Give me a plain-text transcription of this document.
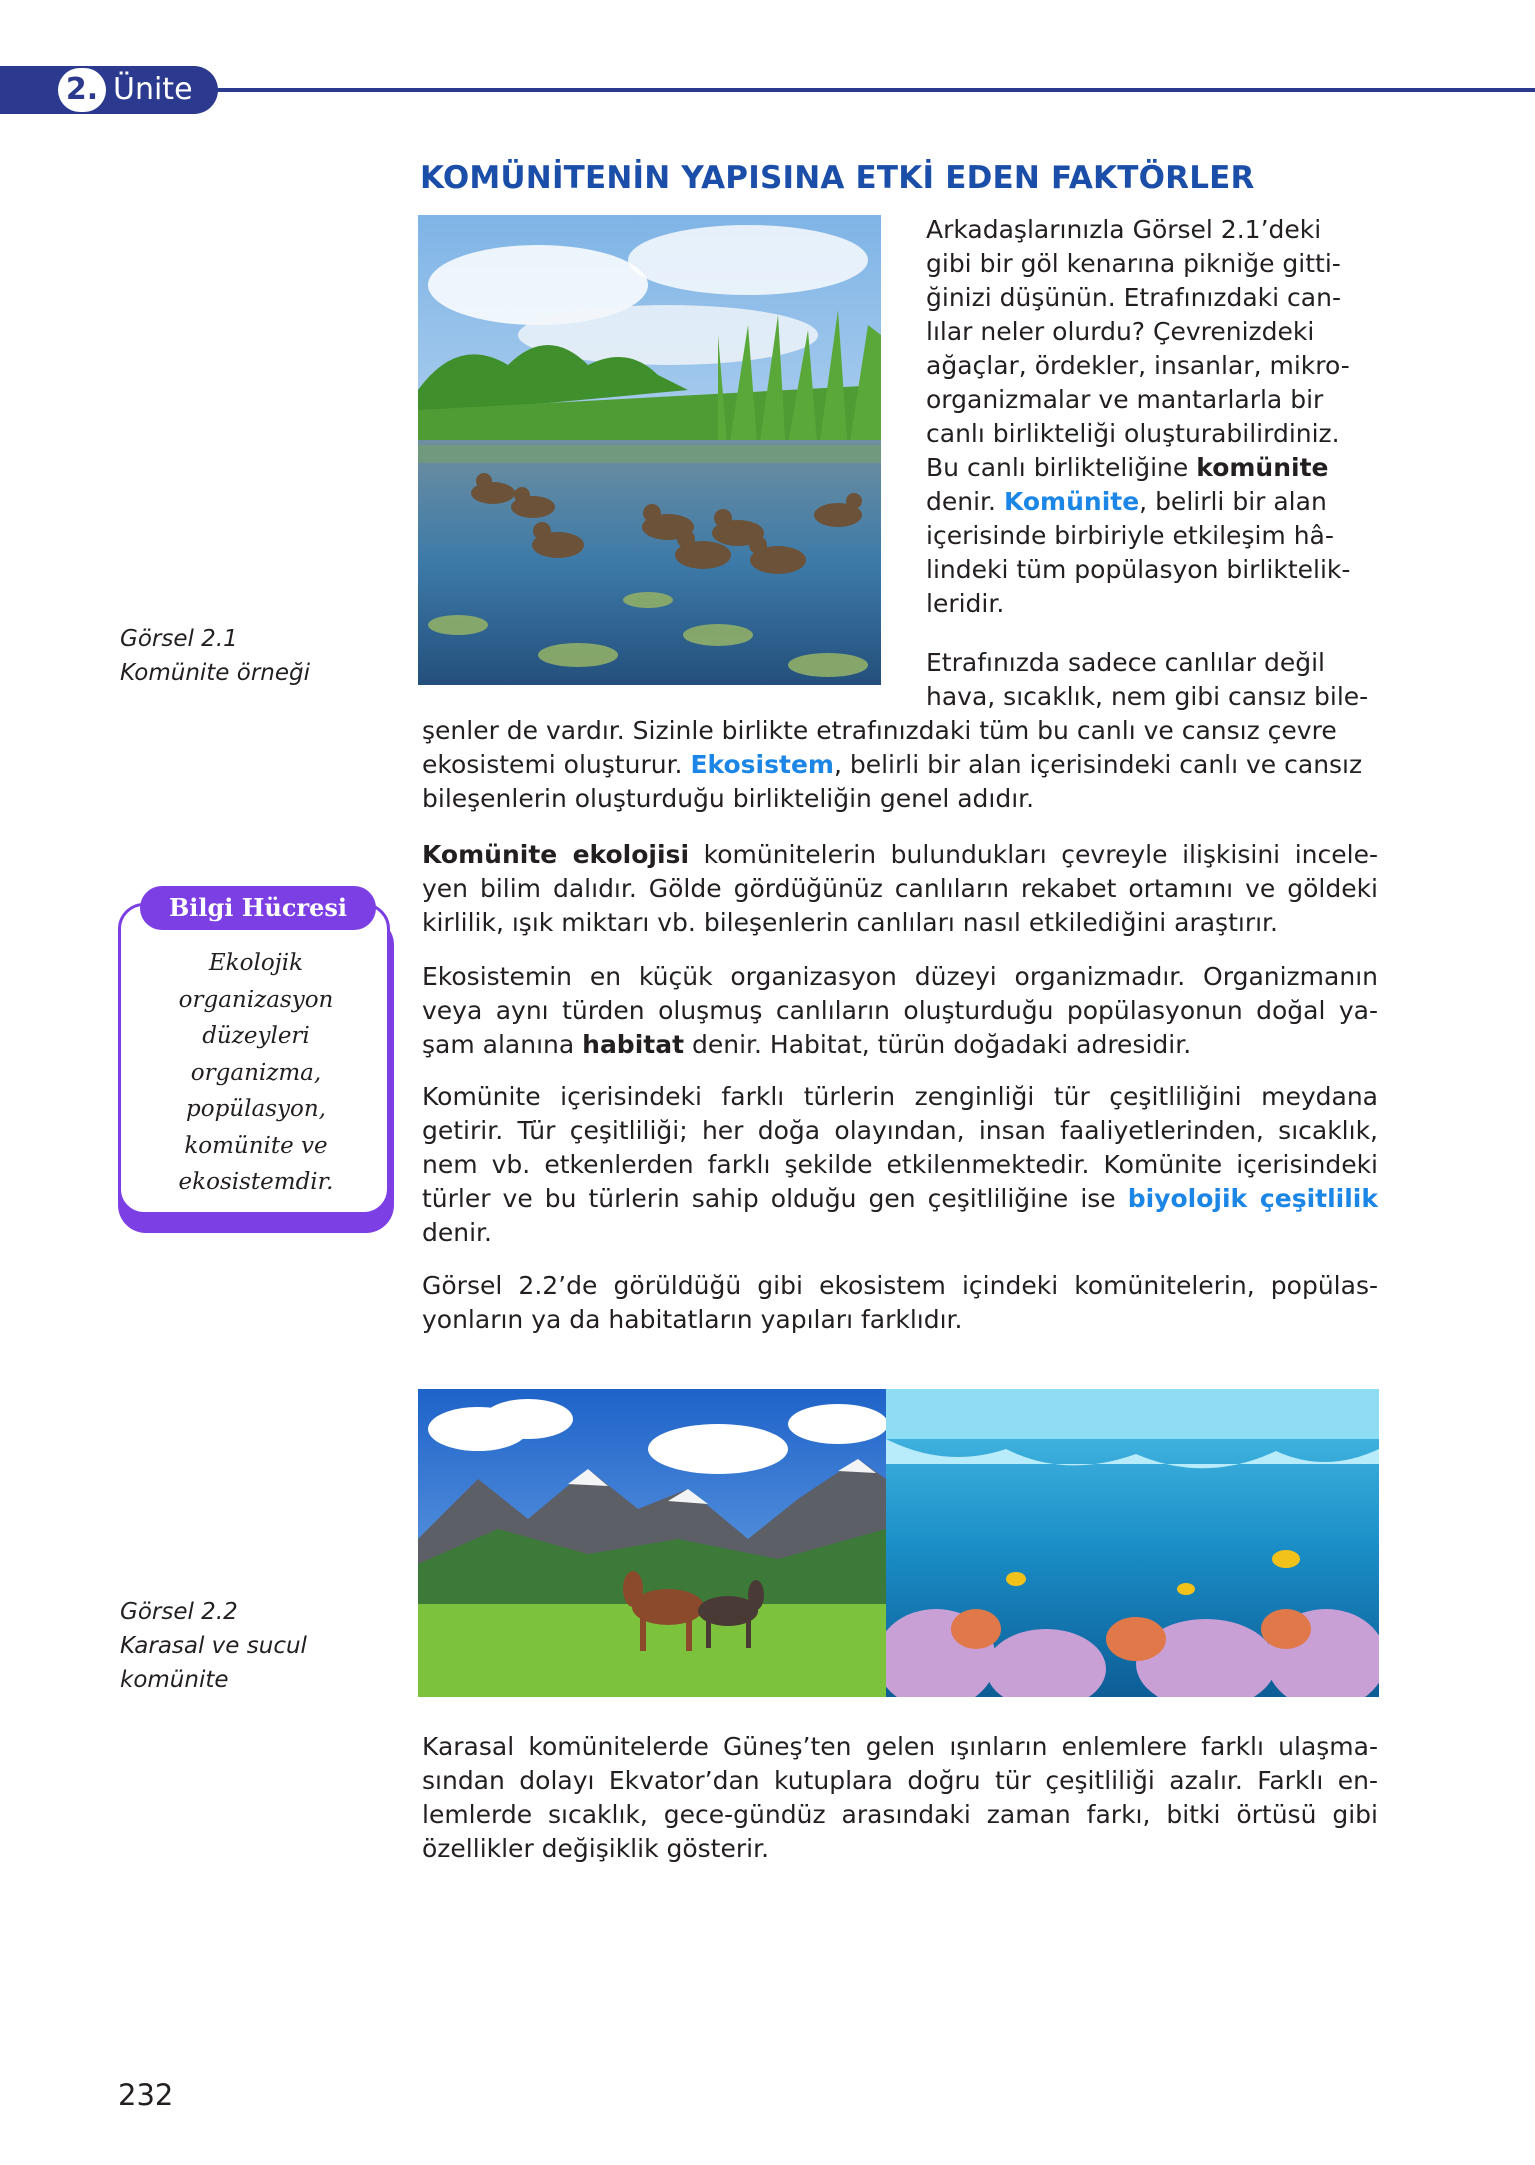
2. Ünite
KOMÜNİTENİN YAPISINA ETKİ EDEN FAKTÖRLER
Arkadaşlarınızla Görsel 2.1’deki
gibi bir göl kenarına pikniğe gitti-
ğinizi düşünün. Etrafınızdaki can-
lılar neler olurdu? Çevrenizdeki
ağaçlar, ördekler, insanlar, mikro-
organizmalar ve mantarlarla bir
canlı birlikteliği oluşturabilirdiniz.
Bu canlı birlikteliğine komünite
denir. Komünite, belirli bir alan
içerisinde birbiriyle etkileşim hâ-
lindeki tüm popülasyon birliktelik-
leridir.
Görsel 2.1
Komünite örneği	Etrafınızda sadece canlılar değil
hava, sıcaklık, nem gibi cansız bile-
şenler de vardır. Sizinle birlikte etrafınızdaki tüm bu canlı ve cansız çevre
ekosistemi oluşturur. Ekosistem, belirli bir alan içerisindeki canlı ve cansız
bileşenlerin oluşturduğu birlikteliğin genel adıdır.
Komünite ekolojisi komünitelerin bulundukları çevreyle ilişkisini incele-yen bilim dalıdır. Gölde gördüğünüz canlıların rekabet ortamını ve göldeki kirlilik, ışık miktarı vb. bileşenlerin canlıları nasıl etkilediğini araştırır.
Bilgi Hücresi
Ekolojik
organizasyon
düzeyleri
organizma,
popülasyon,
komünite ve
ekosistemdir.
Ekosistemin en küçük organizasyon düzeyi organizmadır. Organizmanın veya aynı türden oluşmuş canlıların oluşturduğu popülasyonun doğal ya-şam alanına habitat denir. Habitat, türün doğadaki adresidir.
Komünite içerisindeki farklı türlerin zenginliği tür çeşitliliğini meydana getirir. Tür çeşitliliği; her doğa olayından, insan faaliyetlerinden, sıcaklık, nem vb. etkenlerden farklı şekilde etkilenmektedir. Komünite içerisindeki türler ve bu türlerin sahip olduğu gen çeşitliliğine ise biyolojik çeşitlilik denir.
Görsel 2.2’de görüldüğü gibi ekosistem içindeki komünitelerin, popülas-yonların ya da habitatların yapıları farklıdır.
Görsel 2.2
Karasal ve sucul
komünite
Karasal komünitelerde Güneş’ten gelen ışınların enlemlere farklı ulaşma-sından dolayı Ekvator’dan kutuplara doğru tür çeşitliliği azalır. Farklı en-lemlerde sıcaklık, gece-gündüz arasındaki zaman farkı, bitki örtüsü gibi özellikler değişiklik gösterir.
232
